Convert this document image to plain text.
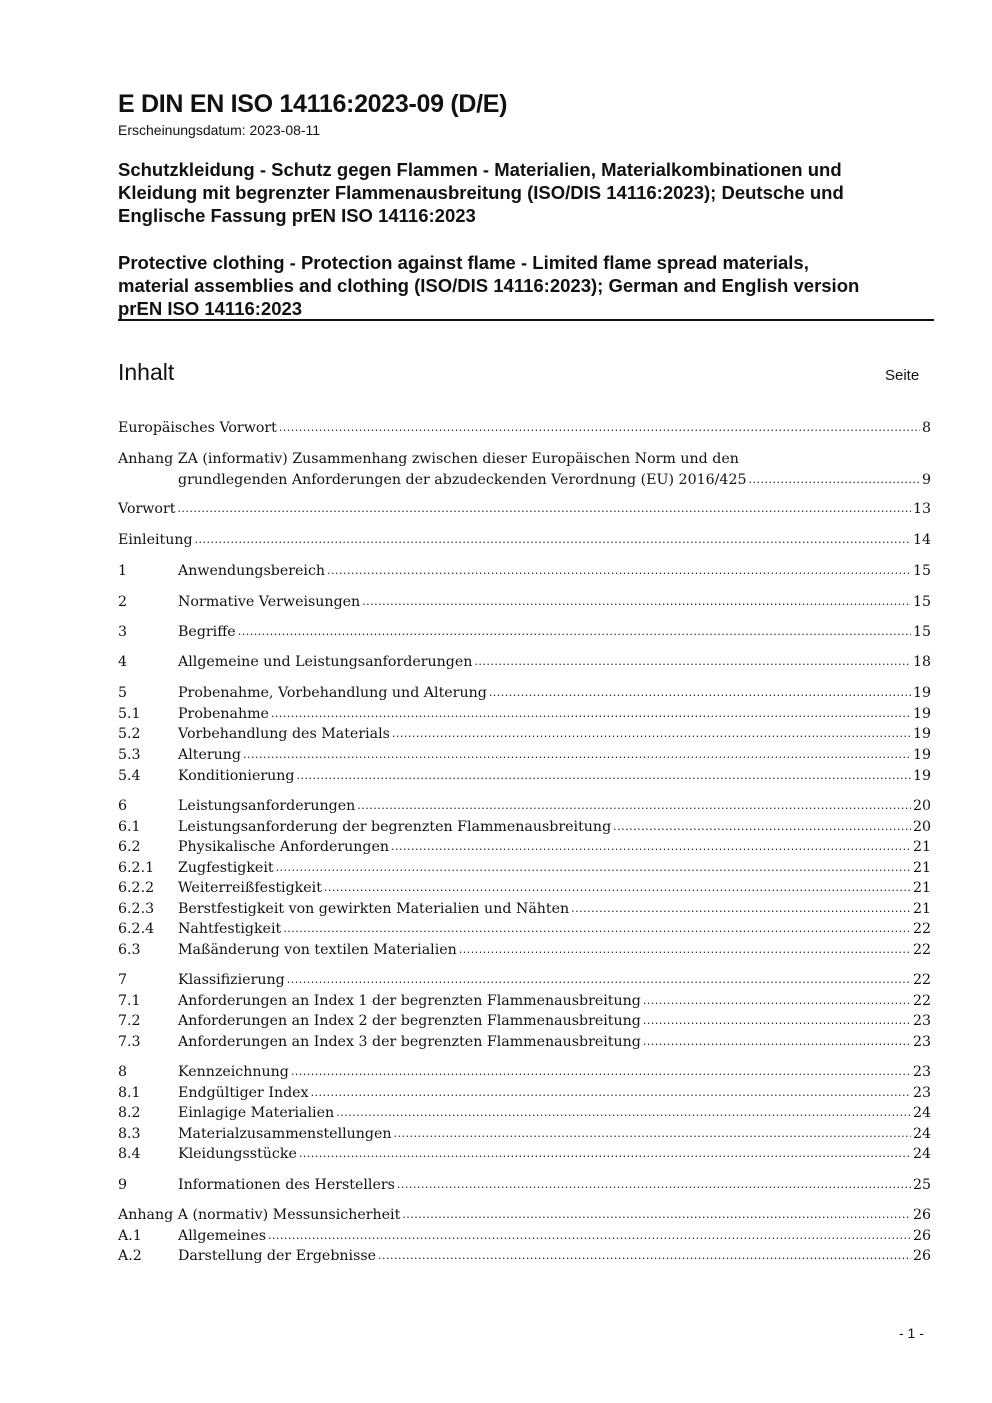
E DIN EN ISO 14116:2023-09 (D/E)
Erscheinungsdatum: 2023-08-11

Schutzkleidung - Schutz gegen Flammen - Materialien, Materialkombinationen und
Kleidung mit begrenzter Flammenausbreitung (ISO/DIS 14116:2023); Deutsche und
Englische Fassung prEN ISO 14116:2023

Protective clothing - Protection against flame - Limited flame spread materials,
material assemblies and clothing (ISO/DIS 14116:2023); German and English version
prEN ISO 14116:2023

Inhalt	Seite
Europäisches Vorwort .....	8
Anhang ZA (informativ) Zusammenhang zwischen dieser Europäischen Norm und den
grundlegenden Anforderungen der abzudeckenden Verordnung (EU) 2016/425 .....	9
Vorwort .....	13
Einleitung .....	14
1	Anwendungsbereich .....	15
2	Normative Verweisungen .....	15
3	Begriffe .....	15
4	Allgemeine und Leistungsanforderungen .....	18
5	Probenahme, Vorbehandlung und Alterung .....	19
5.1	Probenahme .....	19
5.2	Vorbehandlung des Materials .....	19
5.3	Alterung .....	19
5.4	Konditionierung .....	19
6	Leistungsanforderungen .....	20
6.1	Leistungsanforderung der begrenzten Flammenausbreitung .....	20
6.2	Physikalische Anforderungen .....	21
6.2.1	Zugfestigkeit .....	21
6.2.2	Weiterreißfestigkeit .....	21
6.2.3	Berstfestigkeit von gewirkten Materialien und Nähten .....	21
6.2.4	Nahtfestigkeit .....	22
6.3	Maßänderung von textilen Materialien .....	22
7	Klassifizierung .....	22
7.1	Anforderungen an Index 1 der begrenzten Flammenausbreitung .....	22
7.2	Anforderungen an Index 2 der begrenzten Flammenausbreitung .....	23
7.3	Anforderungen an Index 3 der begrenzten Flammenausbreitung .....	23
8	Kennzeichnung .....	23
8.1	Endgültiger Index .....	23
8.2	Einlagige Materialien .....	24
8.3	Materialzusammenstellungen .....	24
8.4	Kleidungsstücke .....	24
9	Informationen des Herstellers .....	25
Anhang A (normativ) Messunsicherheit .....	26
A.1	Allgemeines .....	26
A.2	Darstellung der Ergebnisse .....	26
- 1 -
